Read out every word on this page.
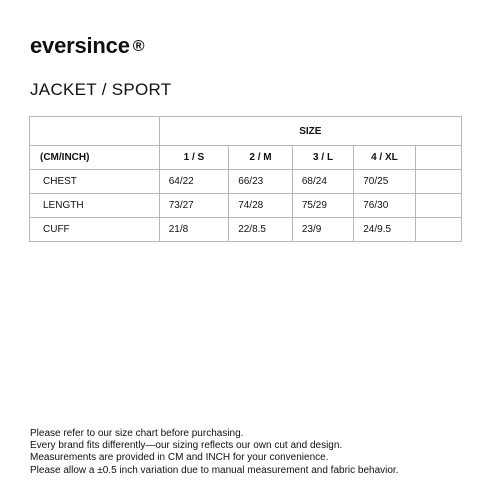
eversince ®
JACKET / SPORT
	SIZE				
(CM/INCH)	1 / S	2 / M	3 / L	4 / XL	
CHEST	64/22	66/23	68/24	70/25	
LENGTH	73/27	74/28	75/29	76/30	
CUFF	21/8	22/8.5	23/9	24/9.5	
Please refer to our size chart before purchasing.
Every brand fits differently—our sizing reflects our own cut and design.
Measurements are provided in CM and INCH for your convenience.
Please allow a ±0.5 inch variation due to manual measurement and fabric behavior.
